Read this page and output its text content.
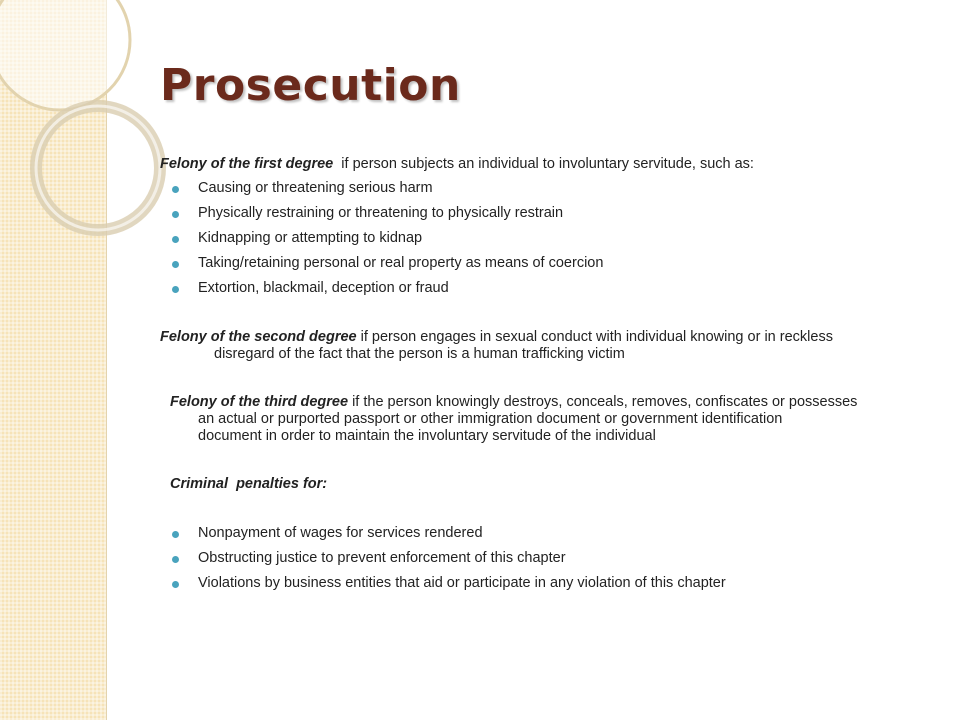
Prosecution
Felony of the first degree  if person subjects an individual to involuntary servitude, such as:
Causing or threatening serious harm
Physically restraining or threatening to physically restrain
Kidnapping or attempting to kidnap
Taking/retaining personal or real property as means of coercion
Extortion, blackmail, deception or fraud
Felony of the second degree if person engages in sexual conduct with individual knowing or in reckless
disregard of the fact that the person is a human trafficking victim
Felony of the third degree if the person knowingly destroys, conceals, removes, confiscates or possesses
an actual or purported passport or other immigration document or government identification
document in order to maintain the involuntary servitude of the individual
Criminal  penalties for:
Nonpayment of wages for services rendered
Obstructing justice to prevent enforcement of this chapter
Violations by business entities that aid or participate in any violation of this chapter
